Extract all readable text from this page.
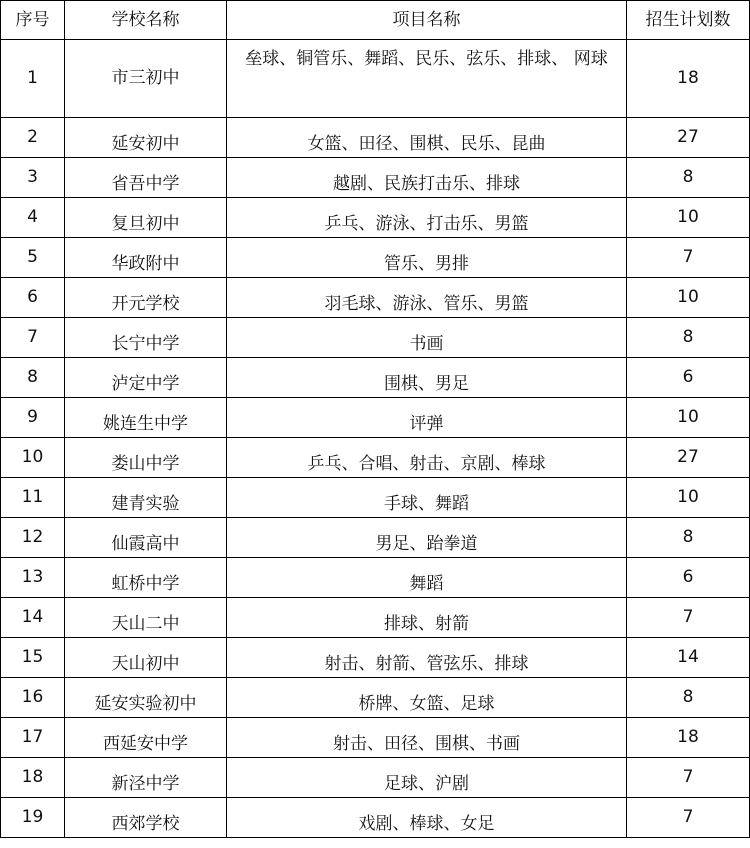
序号	学校名称	项目名称	招生计划数
1	市三初中	垒球、铜管乐、舞蹈、民乐、弦乐、排球、 网球	18
2	延安初中	女篮、田径、围棋、民乐、昆曲	27
3	省吾中学	越剧、民族打击乐、排球	8
4	复旦初中	乒乓、游泳、打击乐、男篮	10
5	华政附中	管乐、男排	7
6	开元学校	羽毛球、游泳、管乐、男篮	10
7	长宁中学	书画	8
8	泸定中学	围棋、男足	6
9	姚连生中学	评弹	10
10	娄山中学	乒乓、合唱、射击、京剧、棒球	27
11	建青实验	手球、舞蹈	10
12	仙霞高中	男足、跆拳道	8
13	虹桥中学	舞蹈	6
14	天山二中	排球、射箭	7
15	天山初中	射击、射箭、管弦乐、排球	14
16	延安实验初中	桥牌、女篮、足球	8
17	西延安中学	射击、田径、围棋、书画	18
18	新泾中学	足球、沪剧	7
19	西郊学校	戏剧、棒球、女足	7
